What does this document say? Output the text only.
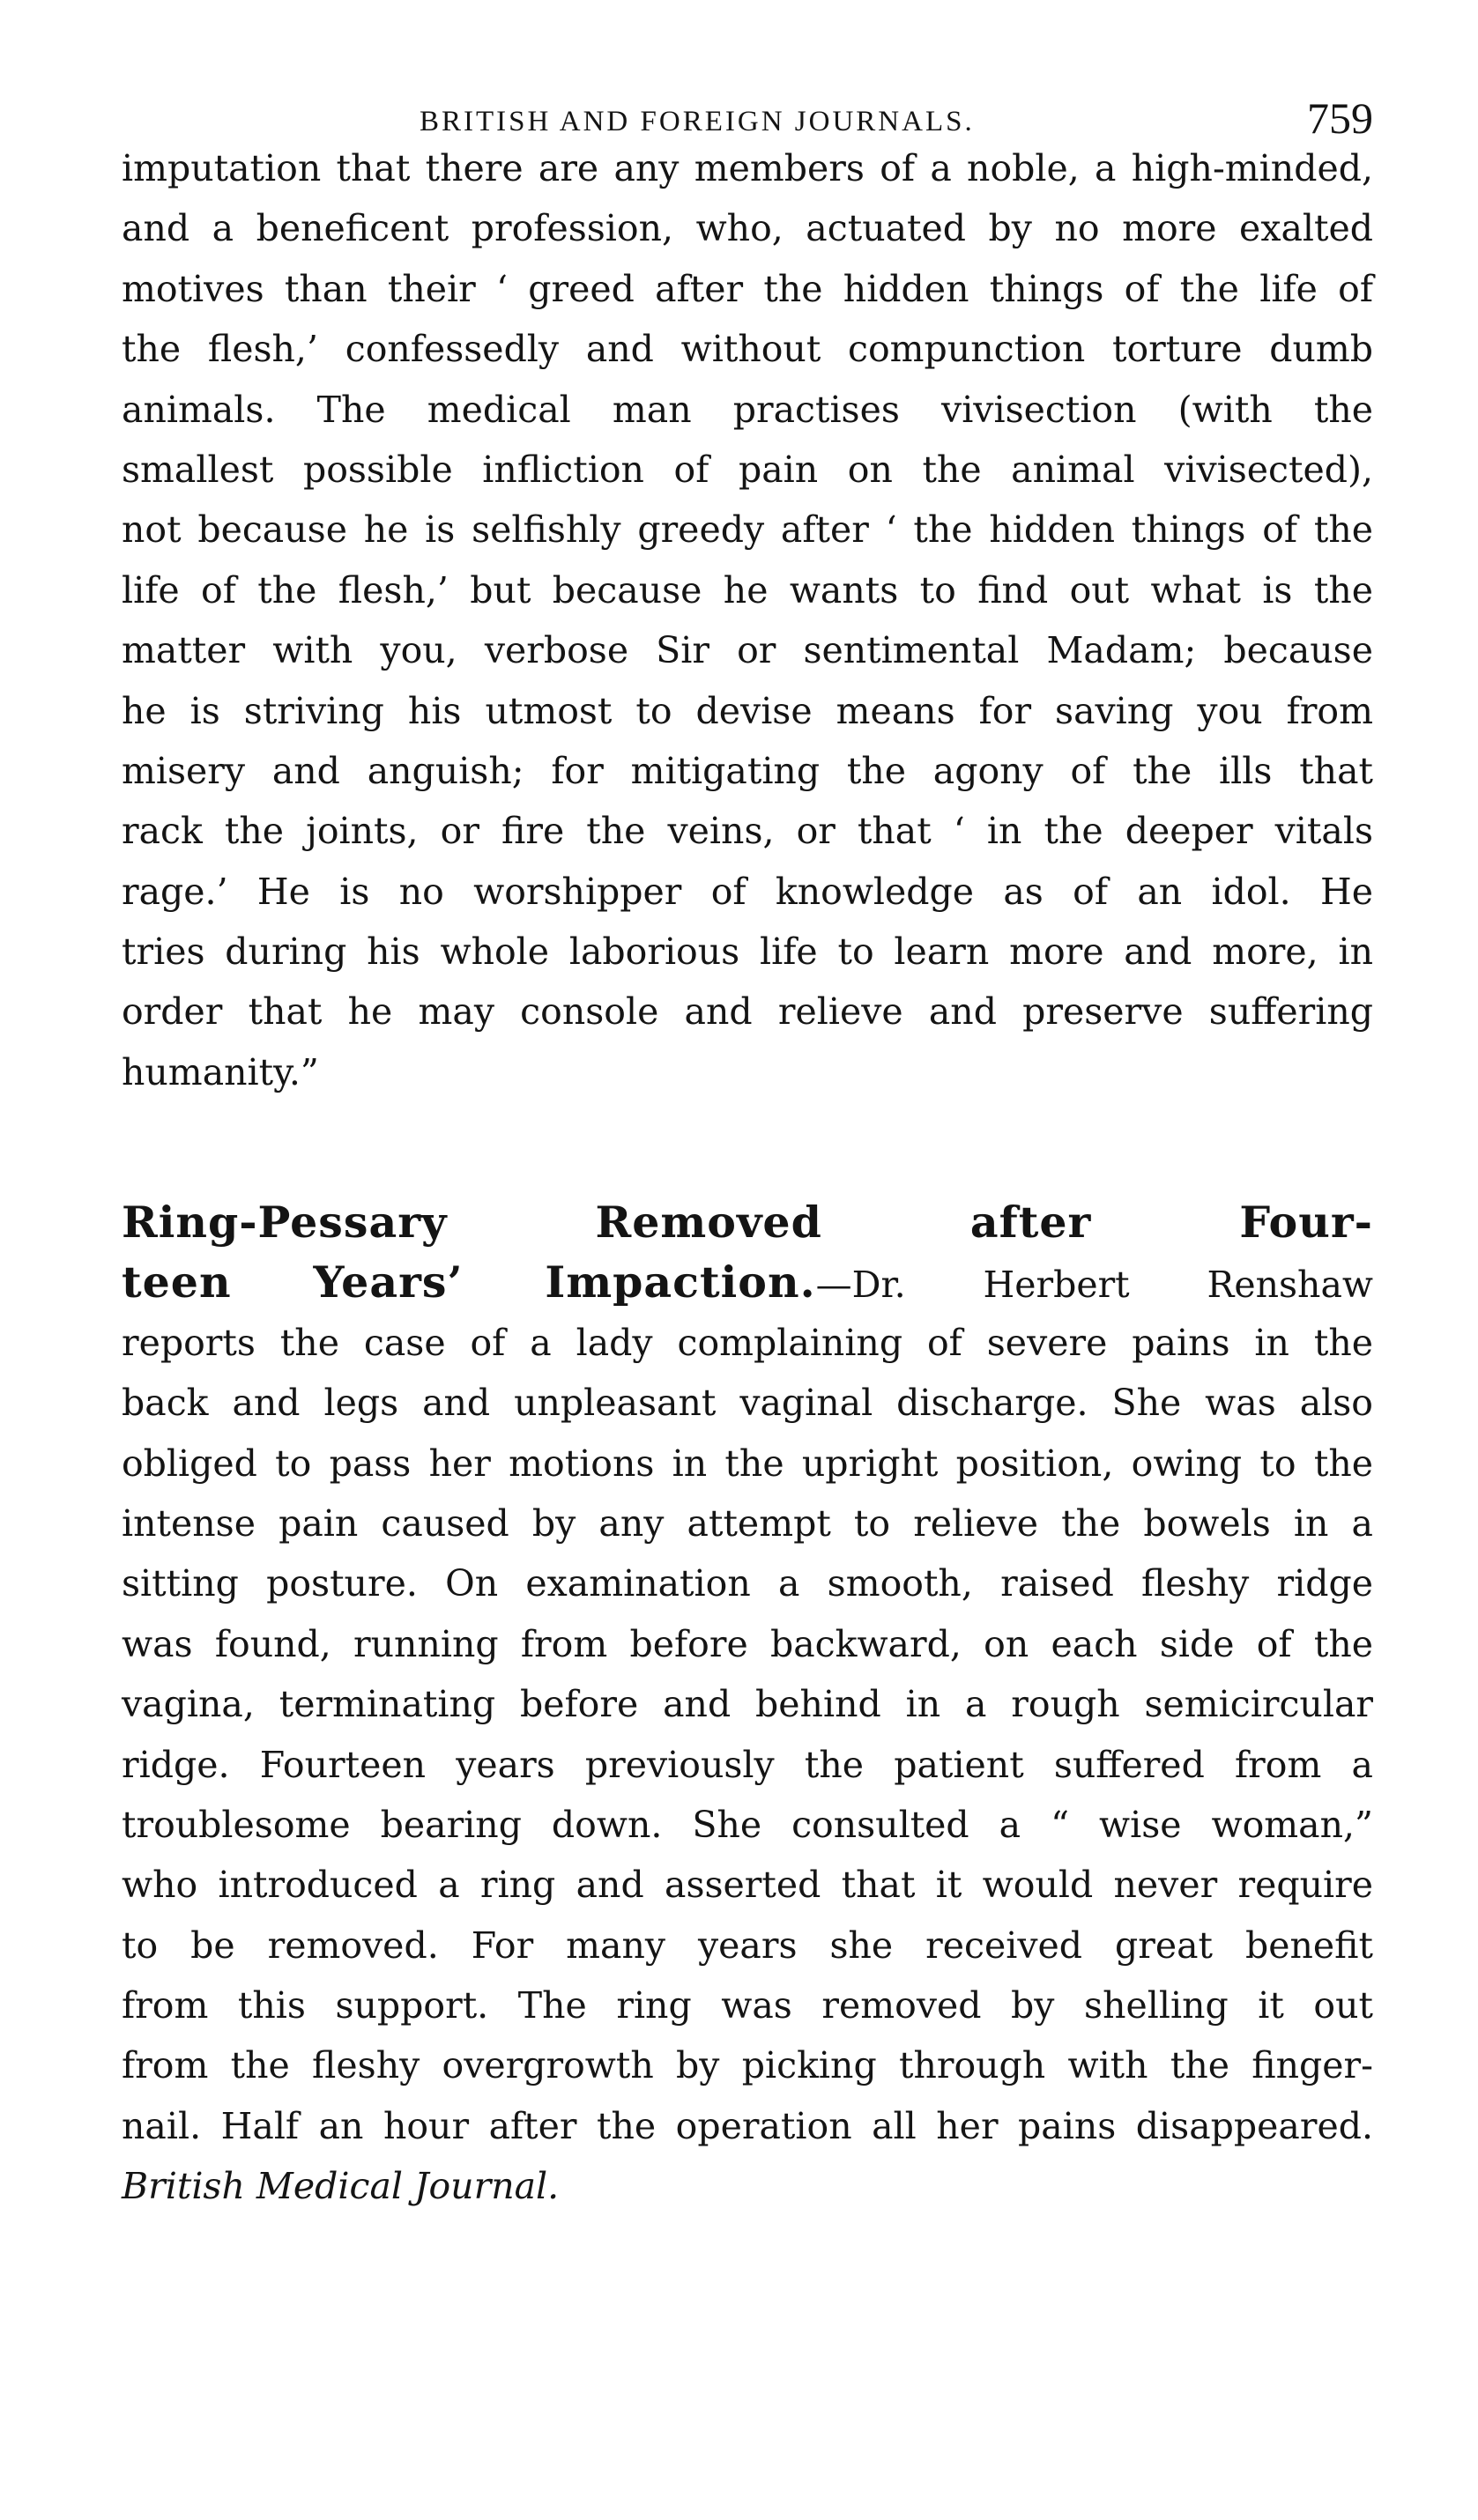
BRITISH AND FOREIGN JOURNALS.	759
imputation that there are any members of a noble, a high-minded,
and a beneficent profession, who, actuated by no more exalted
motives than their ‘ greed after the hidden things of the life of
the flesh,’ confessedly and without compunction torture dumb
animals. The medical man practises vivisection (with the
smallest possible infliction of pain on the animal vivisected),
not because he is selfishly greedy after ‘ the hidden things of the
life of the flesh,’ but because he wants to find out what is the
matter with you, verbose Sir or sentimental Madam; because
he is striving his utmost to devise means for saving you from
misery and anguish; for mitigating the agony of the ills that
rack the joints, or fire the veins, or that ‘ in the deeper vitals
rage.’ He is no worshipper of knowledge as of an idol. He
tries during his whole laborious life to learn more and more, in
order that he may console and relieve and preserve suffering
humanity.”
Ring-Pessary Removed after Four-
teen Years’ Impaction.—Dr. Herbert Renshaw
reports the case of a lady complaining of severe pains in the
back and legs and unpleasant vaginal discharge. She was also
obliged to pass her motions in the upright position, owing to the
intense pain caused by any attempt to relieve the bowels in a
sitting posture. On examination a smooth, raised fleshy ridge
was found, running from before backward, on each side of the
vagina, terminating before and behind in a rough semicircular
ridge. Fourteen years previously the patient suffered from a
troublesome bearing down. She consulted a “ wise woman,”
who introduced a ring and asserted that it would never require
to be removed. For many years she received great benefit
from this support. The ring was removed by shelling it out
from the fleshy overgrowth by picking through with the finger-
nail. Half an hour after the operation all her pains disappeared.
British Medical Journal.
